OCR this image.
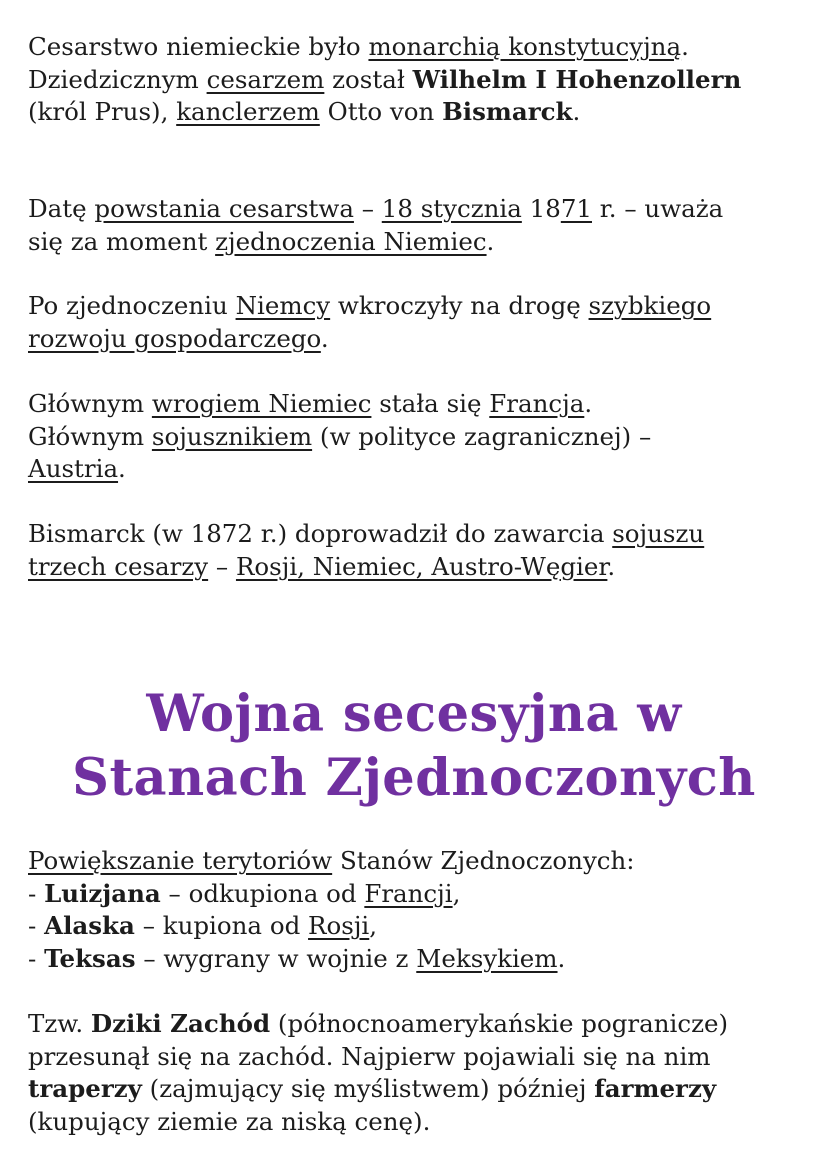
Cesarstwo niemieckie było monarchią konstytucyjną.
Dziedzicznym cesarzem został Wilhelm I Hohenzollern
(król Prus), kanclerzem Otto von Bismarck.

Datę powstania cesarstwa – 18 stycznia 1871 r. – uważa
się za moment zjednoczenia Niemiec.

Po zjednoczeniu Niemcy wkroczyły na drogę szybkiego
rozwoju gospodarczego.

Głównym wrogiem Niemiec stała się Francja.
Głównym sojusznikiem (w polityce zagranicznej) –
Austria.

Bismarck (w 1872 r.) doprowadził do zawarcia sojuszu
trzech cesarzy – Rosji, Niemiec, Austro-Węgier.

Wojna secesyjna w
Stanach Zjednoczonych

Powiększanie terytoriów Stanów Zjednoczonych:
- Luizjana – odkupiona od Francji,
- Alaska – kupiona od Rosji,
- Teksas – wygrany w wojnie z Meksykiem.

Tzw. Dziki Zachód (północnoamerykańskie pogranicze)
przesunął się na zachód. Najpierw pojawiali się na nim
traperzy (zajmujący się myślistwem) później farmerzy
(kupujący ziemie za niską cenę).
